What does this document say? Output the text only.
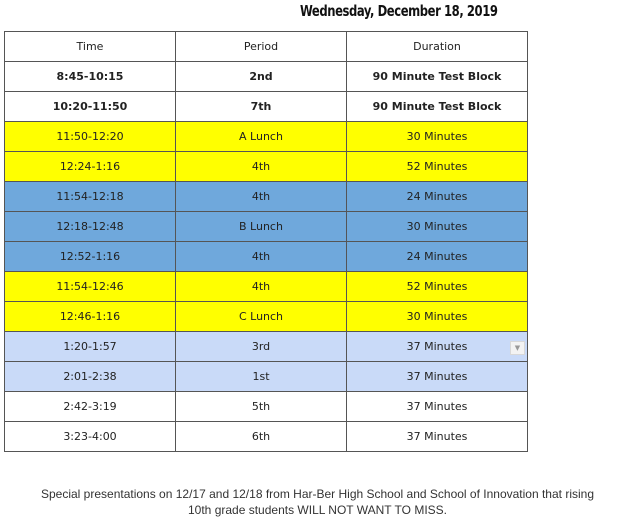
Wednesday, December 18, 2019
Time	Period	Duration
8:45-10:15	2nd	90 Minute Test Block
10:20-11:50	7th	90 Minute Test Block
11:50-12:20	A Lunch	30 Minutes
12:24-1:16	4th	52 Minutes
11:54-12:18	4th	24 Minutes
12:18-12:48	B Lunch	30 Minutes
12:52-1:16	4th	24 Minutes
11:54-12:46	4th	52 Minutes
12:46-1:16	C Lunch	30 Minutes
1:20-1:57	3rd	37 Minutes
2:01-2:38	1st	37 Minutes
2:42-3:19	5th	37 Minutes
3:23-4:00	6th	37 Minutes
▼
Special presentations on 12/17 and 12/18 from Har-Ber High School and School of Innovation that rising
10th grade students WILL NOT WANT TO MISS.
